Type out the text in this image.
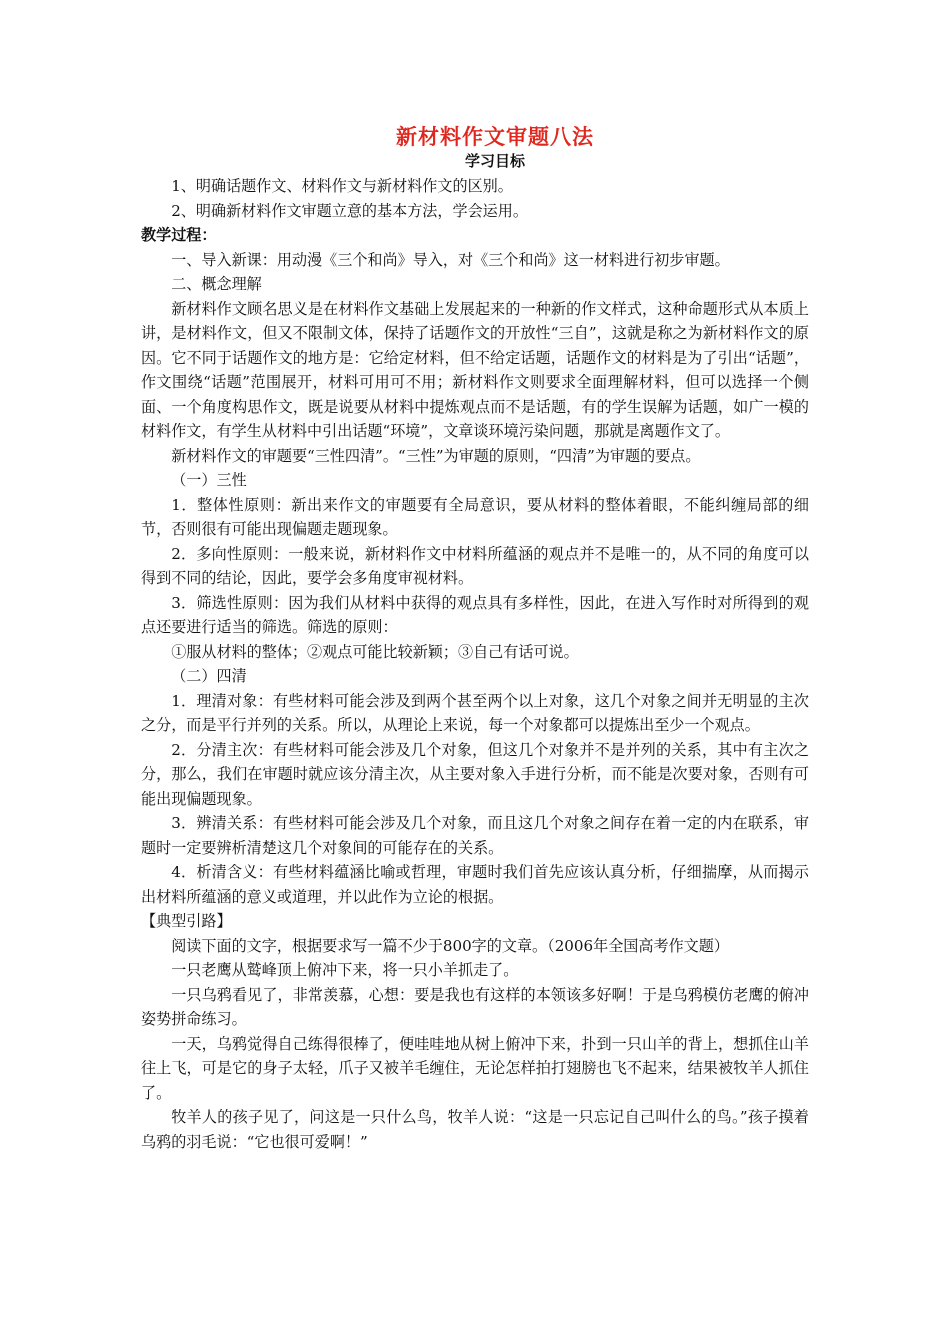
新材料作文审题八法
学习目标

1、明确话题作文、材料作文与新材料作文的区别。

2、明确新材料作文审题立意的基本方法，学会运用。

教学过程：

一、导入新课：用动漫《三个和尚》导入，对《三个和尚》这一材料进行初步审题。

二、概念理解

新材料作文顾名思义是在材料作文基础上发展起来的一种新的作文样式，这种命题形式从本质上讲，是材料作文，但又不限制文体，保持了话题作文的开放性“三自”，这就是称之为新材料作文的原因。它不同于话题作文的地方是：它给定材料，但不给定话题，话题作文的材料是为了引出“话题”，作文围绕“话题”范围展开，材料可用可不用；新材料作文则要求全面理解材料，但可以选择一个侧面、一个角度构思作文，既是说要从材料中提炼观点而不是话题，有的学生误解为话题，如广一模的材料作文，有学生从材料中引出话题“环境”，文章谈环境污染问题，那就是离题作文了。

新材料作文的审题要“三性四清”。“三性”为审题的原则，“四清”为审题的要点。

（一）三性

1．整体性原则：新出来作文的审题要有全局意识，要从材料的整体着眼，不能纠缠局部的细节，否则很有可能出现偏题走题现象。

2．多向性原则：一般来说，新材料作文中材料所蕴涵的观点并不是唯一的，从不同的角度可以得到不同的结论，因此，要学会多角度审视材料。

3．筛选性原则：因为我们从材料中获得的观点具有多样性，因此，在进入写作时对所得到的观点还要进行适当的筛选。筛选的原则：

①服从材料的整体；②观点可能比较新颖；③自己有话可说。

（二）四清

1．理清对象：有些材料可能会涉及到两个甚至两个以上对象，这几个对象之间并无明显的主次之分，而是平行并列的关系。所以，从理论上来说，每一个对象都可以提炼出至少一个观点。

2．分清主次：有些材料可能会涉及几个对象，但这几个对象并不是并列的关系，其中有主次之分，那么，我们在审题时就应该分清主次，从主要对象入手进行分析，而不能是次要对象，否则有可能出现偏题现象。

3．辨清关系：有些材料可能会涉及几个对象，而且这几个对象之间存在着一定的内在联系，审题时一定要辨析清楚这几个对象间的可能存在的关系。

4．析清含义：有些材料蕴涵比喻或哲理，审题时我们首先应该认真分析，仔细揣摩，从而揭示出材料所蕴涵的意义或道理，并以此作为立论的根据。

【典型引路】

阅读下面的文字，根据要求写一篇不少于800字的文章。（2006年全国高考作文题）

一只老鹰从鹫峰顶上俯冲下来，将一只小羊抓走了。

一只乌鸦看见了，非常羡慕，心想：要是我也有这样的本领该多好啊！于是乌鸦模仿老鹰的俯冲姿势拼命练习。

一天，乌鸦觉得自己练得很棒了，便哇哇地从树上俯冲下来，扑到一只山羊的背上，想抓住山羊往上飞，可是它的身子太轻，爪子又被羊毛缠住，无论怎样拍打翅膀也飞不起来，结果被牧羊人抓住了。

牧羊人的孩子见了，问这是一只什么鸟，牧羊人说：“这是一只忘记自己叫什么的鸟。”孩子摸着乌鸦的羽毛说：“它也很可爱啊！”
